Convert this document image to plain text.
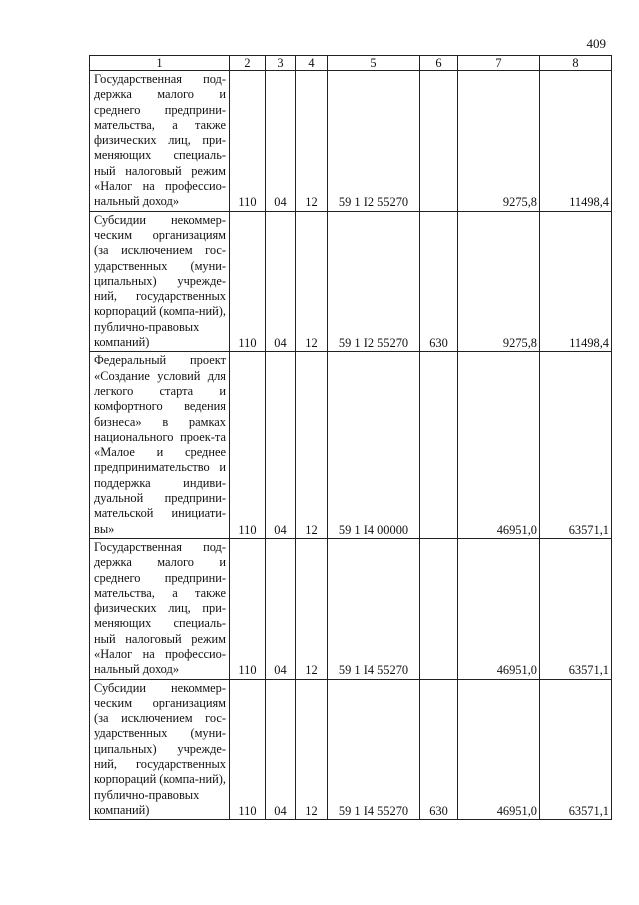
409
1	2	3	4	5	6	7	8
Государственная под-держка малого и среднего предприни-мательства, а также физических лиц, при-меняющих специаль-ный налоговый режим «Налог на профессио-нальный доход»	110	04	12	59 1 I2 55270		9275,8	11498,4
Субсидии некоммер-ческим организациям (за исключением гос-ударственных (муни-ципальных) учрежде-ний, государственных корпораций (компа-ний), публично-правовых компаний)	110	04	12	59 1 I2 55270	630	9275,8	11498,4
Федеральный проект «Создание условий для легкого старта и комфортного ведения бизнеса» в рамках национального проек-та «Малое и среднее предпринимательство и поддержка индиви-дуальной предприни-мательской инициати-вы»	110	04	12	59 1 I4 00000		46951,0	63571,1
Государственная под-держка малого и среднего предприни-мательства, а также физических лиц, при-меняющих специаль-ный налоговый режим «Налог на профессио-нальный доход»	110	04	12	59 1 I4 55270		46951,0	63571,1
Субсидии некоммер-ческим организациям (за исключением гос-ударственных (муни-ципальных) учрежде-ний, государственных корпораций (компа-ний), публично-правовых компаний)	110	04	12	59 1 I4 55270	630	46951,0	63571,1
